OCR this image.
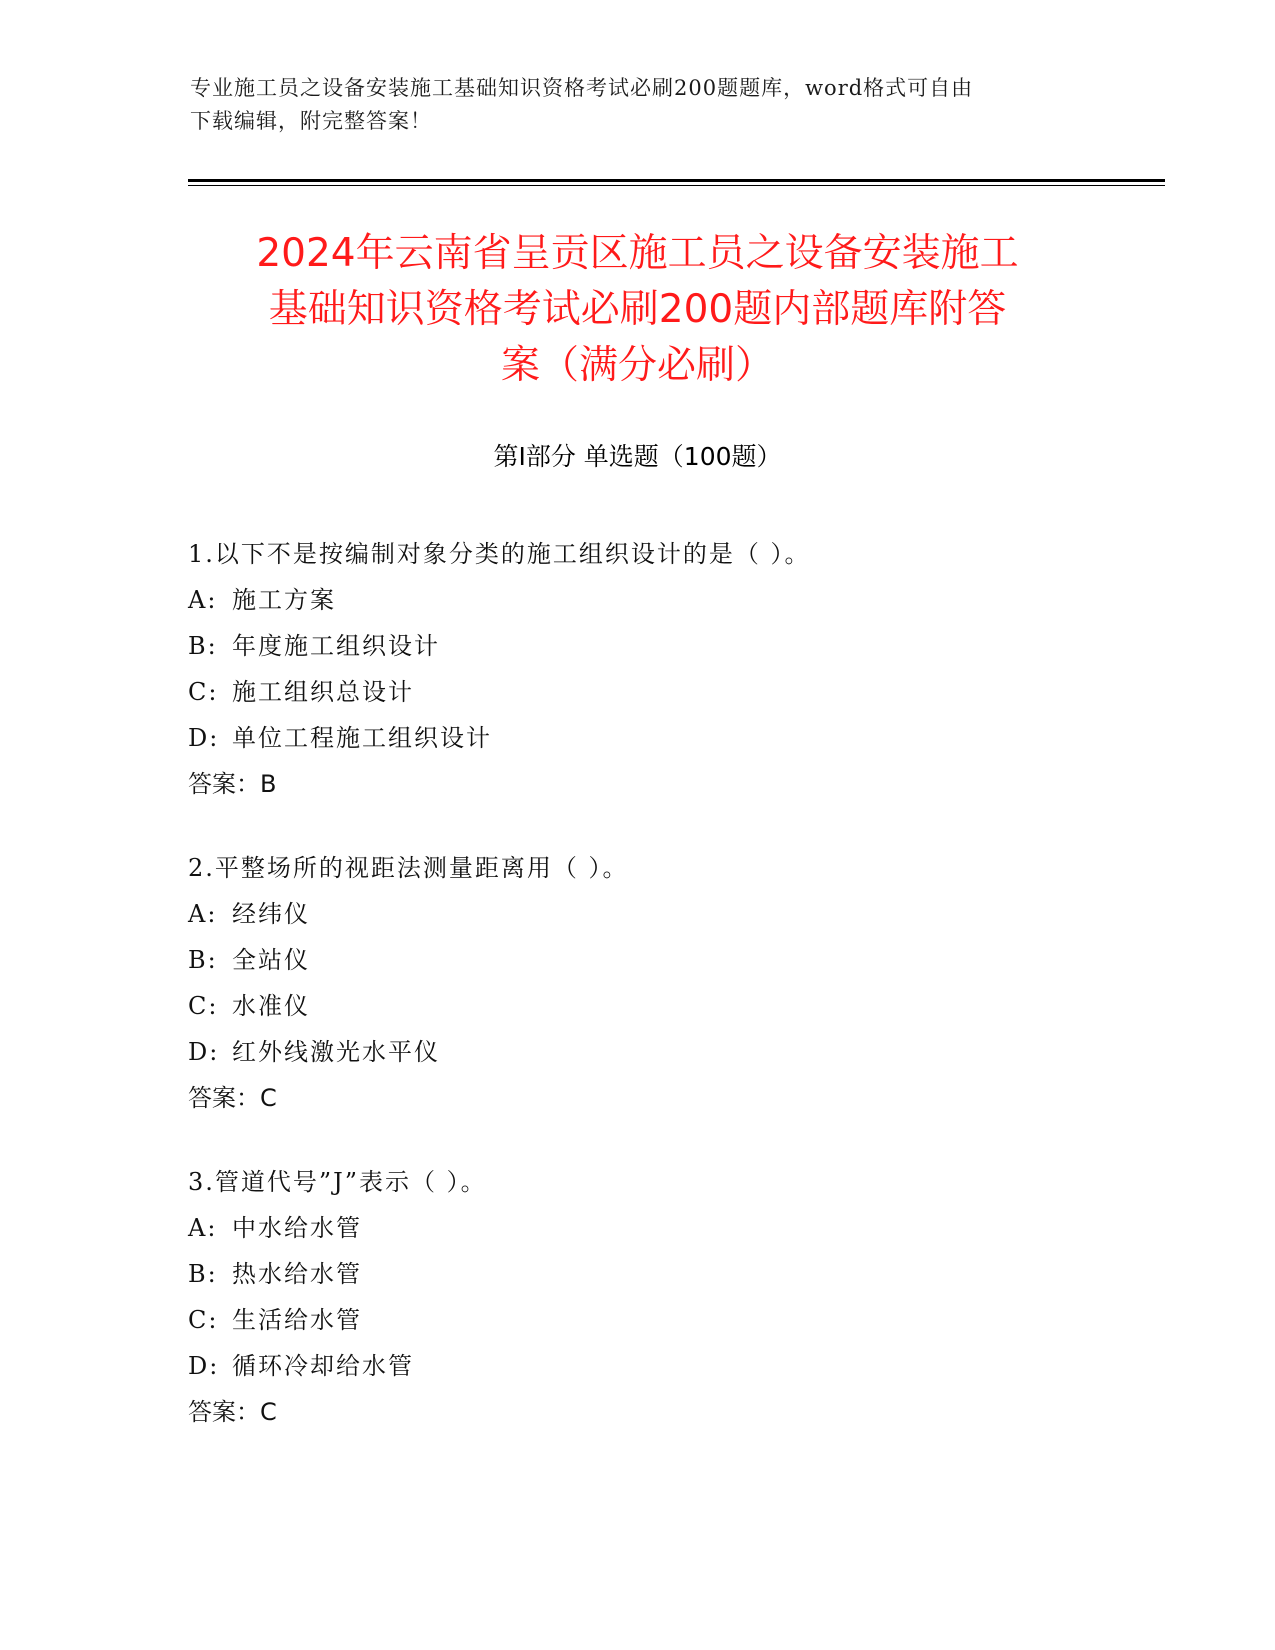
专业施工员之设备安装施工基础知识资格考试必刷200题题库，word格式可自由
下载编辑，附完整答案！
2024年云南省呈贡区施工员之设备安装施工
基础知识资格考试必刷200题内部题库附答
案（满分必刷）
第Ⅰ部分 单选题（100题）
1.以下不是按编制对象分类的施工组织设计的是（ ）。
A: 施工方案
B: 年度施工组织设计
C: 施工组织总设计
D: 单位工程施工组织设计
答案：B
2.平整场所的视距法测量距离用（ ）。
A: 经纬仪
B: 全站仪
C: 水准仪
D: 红外线激光水平仪
答案：C
3.管道代号”J”表示（ ）。
A: 中水给水管
B: 热水给水管
C: 生活给水管
D: 循环冷却给水管
答案：C
